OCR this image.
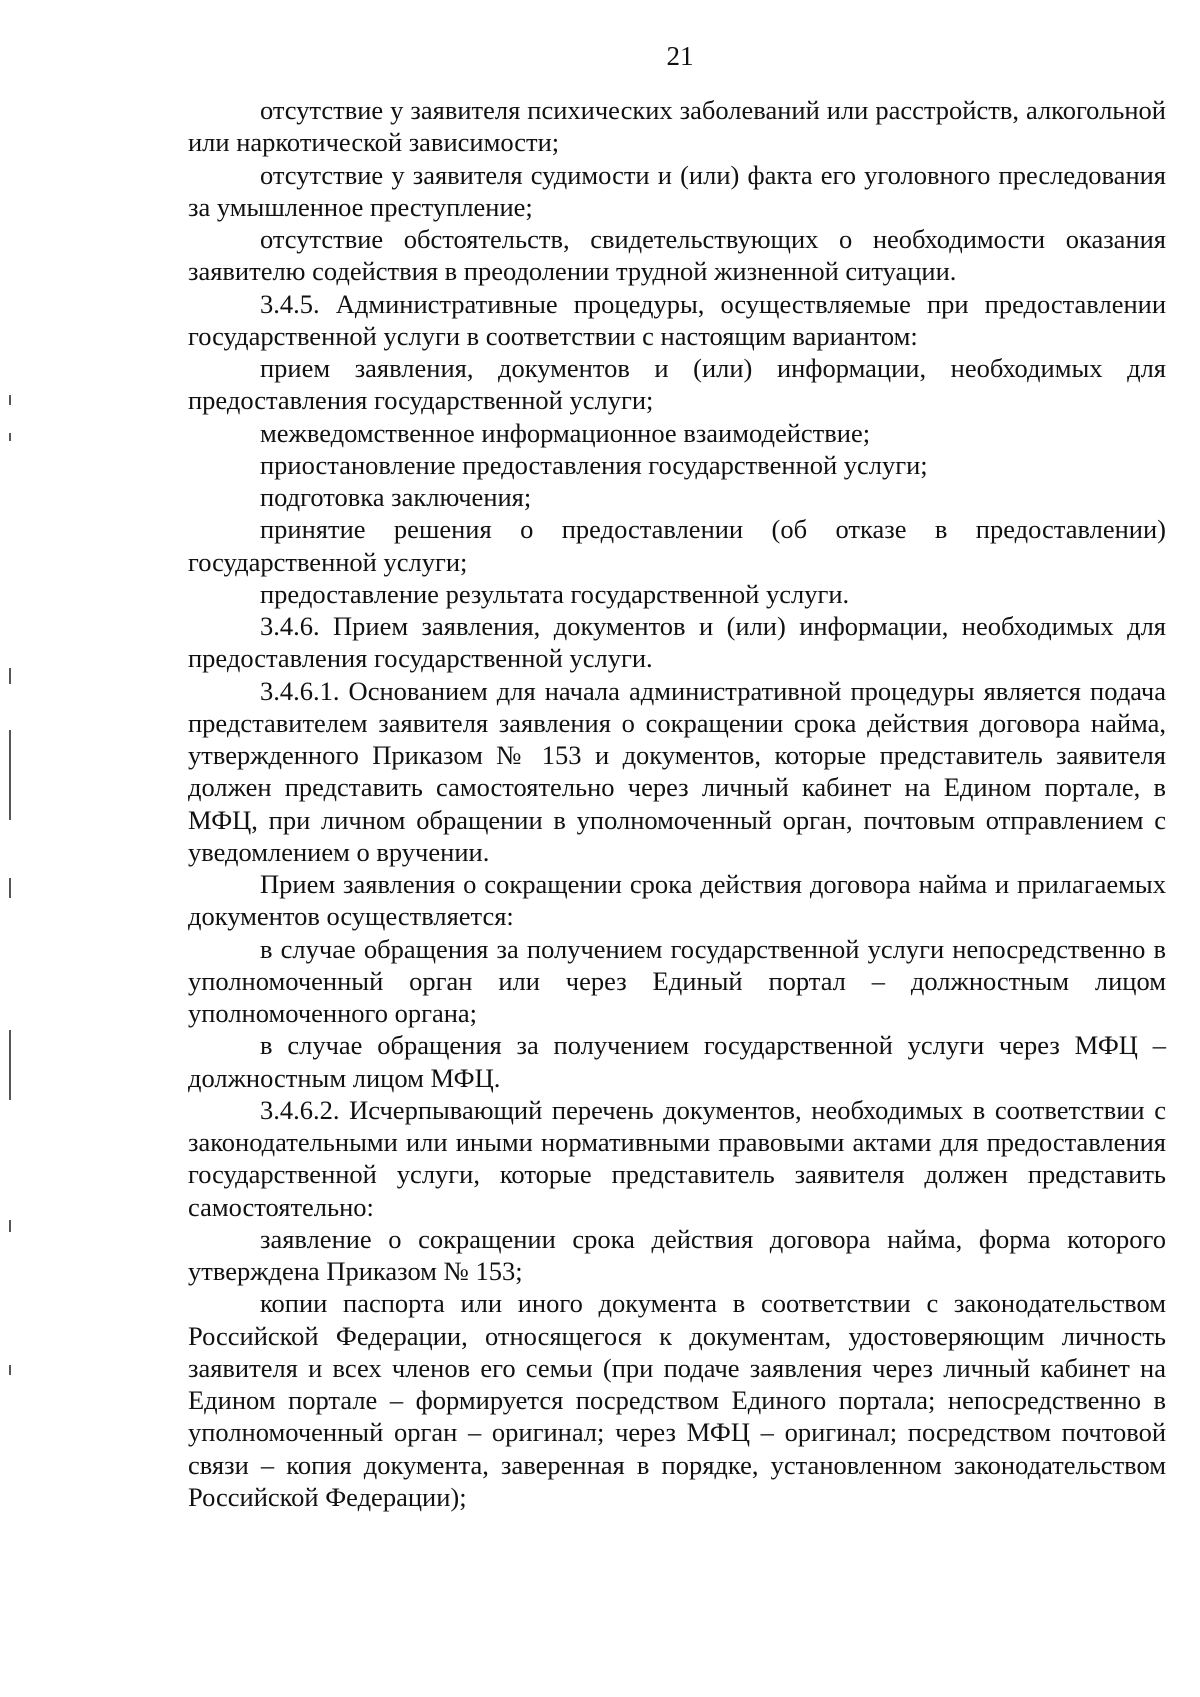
21

отсутствие у заявителя психических заболеваний или расстройств, алкогольной или наркотической зависимости;

отсутствие у заявителя судимости и (или) факта его уголовного преследования за умышленное преступление;

отсутствие обстоятельств, свидетельствующих о необходимости оказания заявителю содействия в преодолении трудной жизненной ситуации.

3.4.5. Административные процедуры, осуществляемые при предоставлении государственной услуги в соответствии с настоящим вариантом:

прием заявления, документов и (или) информации, необходимых для предоставления государственной услуги;

межведомственное информационное взаимодействие;

приостановление предоставления государственной услуги;

подготовка заключения;

принятие решения о предоставлении (об отказе в предоставлении) государственной услуги;

предоставление результата государственной услуги.

3.4.6. Прием заявления, документов и (или) информации, необходимых для предоставления государственной услуги.

3.4.6.1. Основанием для начала административной процедуры является подача представителем заявителя заявления о сокращении срока действия договора найма, утвержденного Приказом № 153 и документов, которые представитель заявителя должен представить самостоятельно через личный кабинет на Едином портале, в МФЦ, при личном обращении в уполномоченный орган, почтовым отправлением с уведомлением о вручении.

Прием заявления о сокращении срока действия договора найма и прилагаемых документов осуществляется:

в случае обращения за получением государственной услуги непосредственно в уполномоченный орган или через Единый портал – должностным лицом уполномоченного органа;

в случае обращения за получением государственной услуги через МФЦ – должностным лицом МФЦ.

3.4.6.2. Исчерпывающий перечень документов, необходимых в соответствии с законодательными или иными нормативными правовыми актами для предоставления государственной услуги, которые представитель заявителя должен представить самостоятельно:

заявление о сокращении срока действия договора найма, форма которого утверждена Приказом № 153;

копии паспорта или иного документа в соответствии с законодательством Российской Федерации, относящегося к документам, удостоверяющим личность заявителя и всех членов его семьи (при подаче заявления через личный кабинет на Едином портале – формируется посредством Единого портала; непосредственно в уполномоченный орган – оригинал; через МФЦ – оригинал; посредством почтовой связи – копия документа, заверенная в порядке, установленном законодательством Российской Федерации);
